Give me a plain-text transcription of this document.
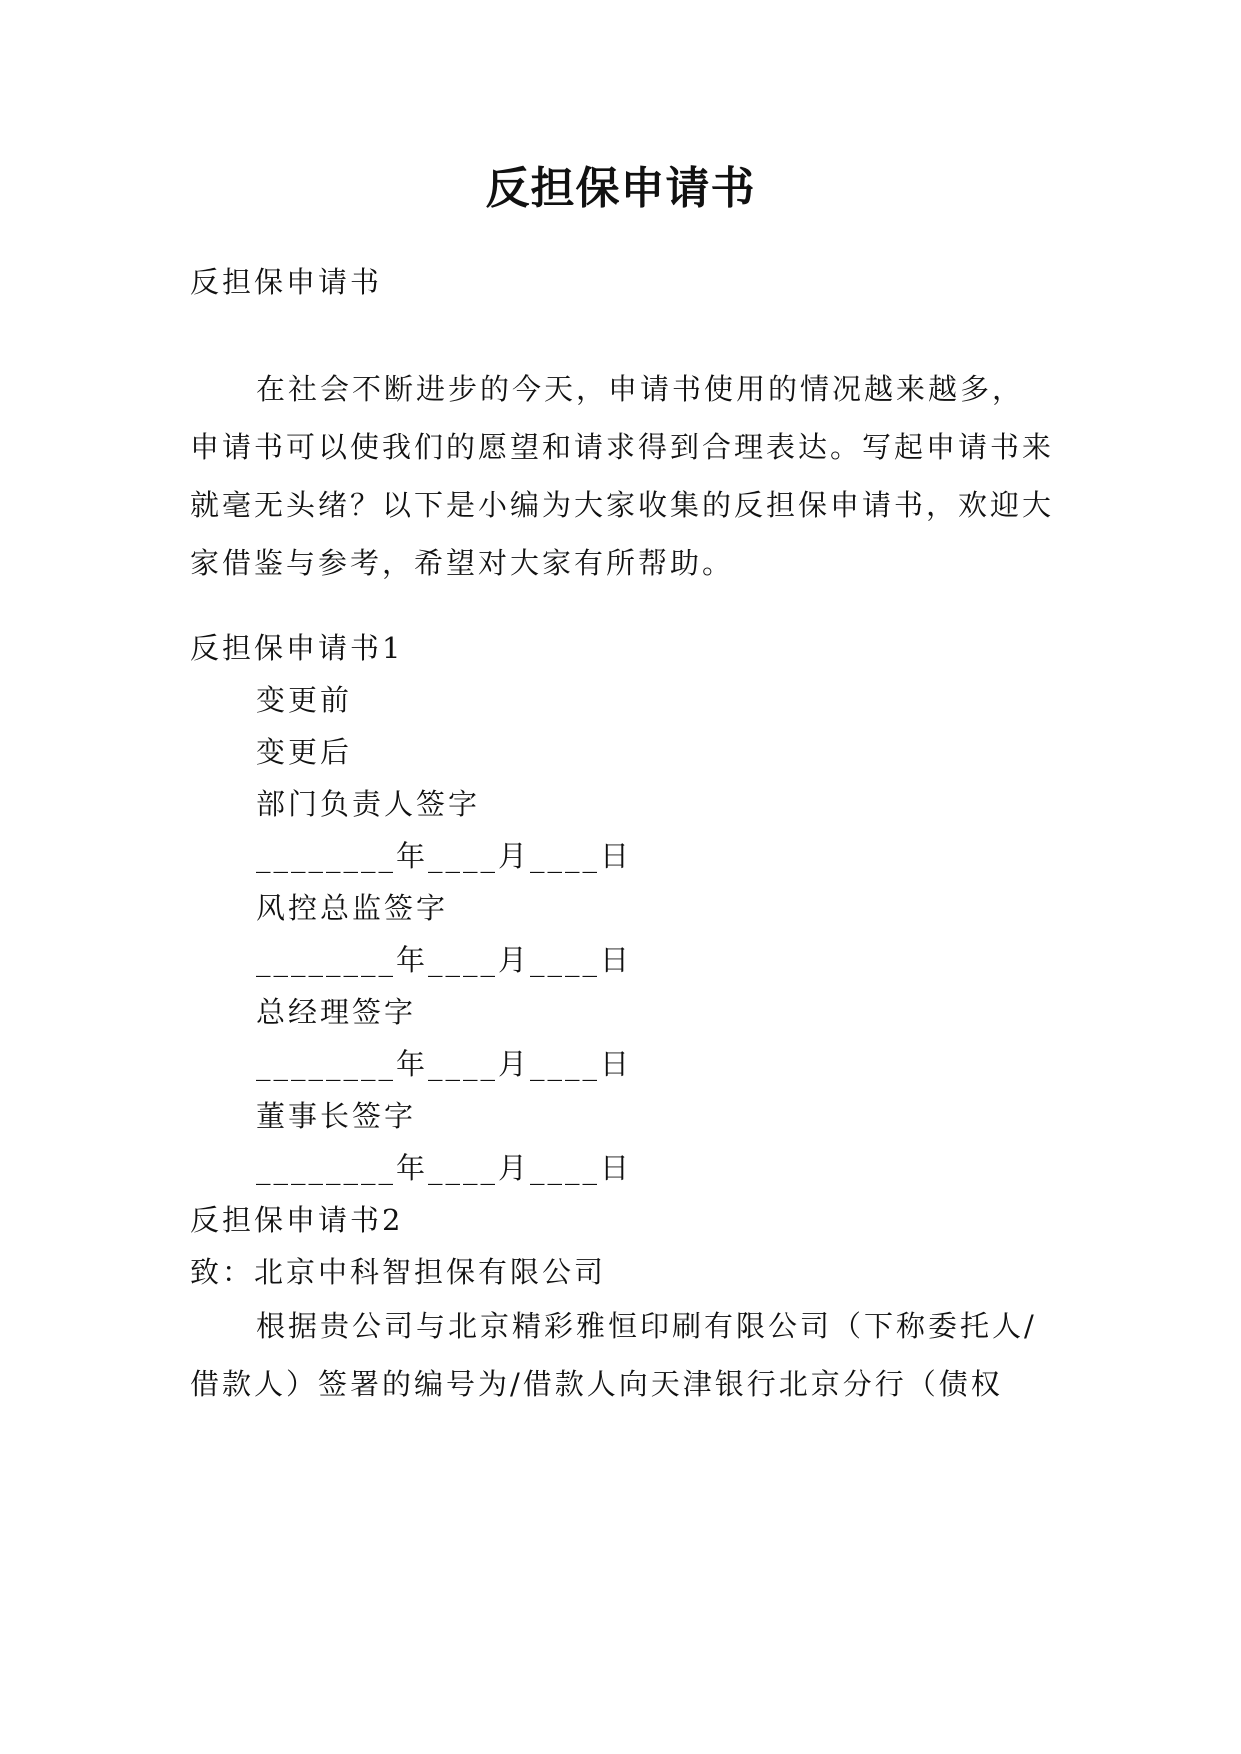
反担保申请书

反担保申请书

在社会不断进步的今天，申请书使用的情况越来越多，申请书可以使我们的愿望和请求得到合理表达。写起申请书来就毫无头绪？以下是小编为大家收集的反担保申请书，欢迎大家借鉴与参考，希望对大家有所帮助。

反担保申请书1

变更前

变更后

部门负责人签字

________年____月____日

风控总监签字

________年____月____日

总经理签字

________年____月____日

董事长签字

________年____月____日

反担保申请书2

致：北京中科智担保有限公司

根据贵公司与北京精彩雅恒印刷有限公司（下称委托人/借款人）签署的编号为/借款人向天津银行北京分行（债权
